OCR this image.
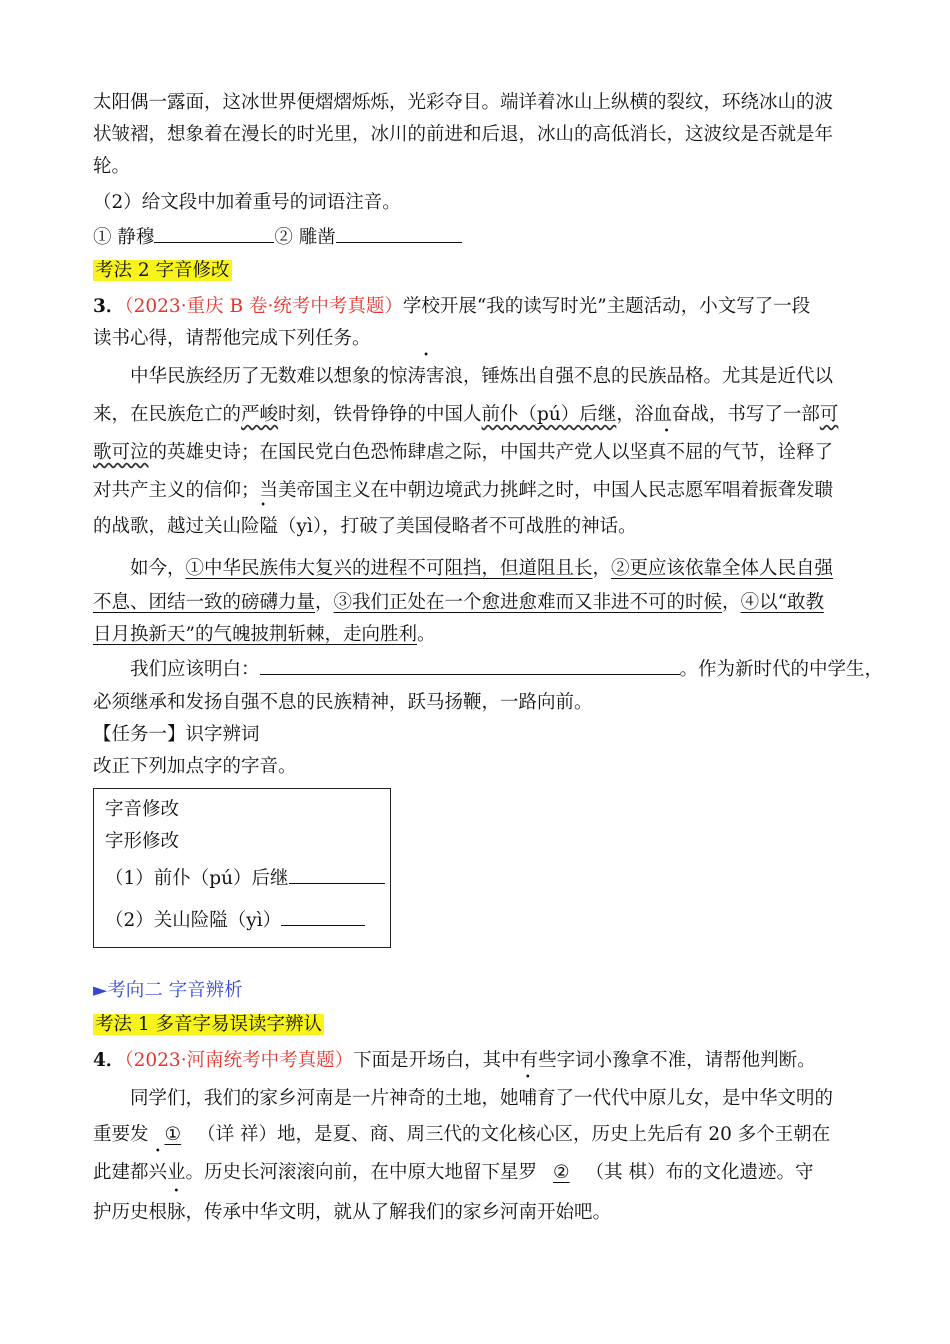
太阳偶一露面，这冰世界便熠熠烁烁，光彩夺目。端详着冰山上纵横的裂纹，环绕冰山的波
状皱褶，想象着在漫长的时光里，冰川的前进和后退，冰山的高低消长，这波纹是否就是年
轮。
（2）给文段中加着重号的词语注音。
① 静穆	② 雕凿
考法 2 字音修改
3．（2023·重庆 B 卷·统考中考真题）学校开展“我的读写时光”主题活动，小文写了一段
读书心得，请帮他完成下列任务。
中华民族经历了无数难以想象的惊涛害浪，锤炼出自强不息的民族品格。尤其是近代以
来，在民族危亡的严峻时刻，铁骨铮铮的中国人前仆（pú）后继，浴血奋战，书写了一部可
歌可泣的英雄史诗；在国民党白色恐怖肆虐之际，中国共产党人以坚真不屈的气节，诠释了
对共产主义的信仰；当美帝国主义在中朝边境武力挑衅之时，中国人民志愿军唱着振聋发聩
的战歌，越过• 关山险隘（yì），打破了美国侵略者不可战胜的神话。
如今，①中华民族伟大复兴的进程不可阻挡，但道阻且长，②更应该依靠全体人民自强
不息、团结一致的磅礴力量，③我们正处在一个愈进愈难而又非进不可的时候，④以“敢教
日月换新天”的气魄披荆斩棘，走向胜利。
我们应该明白：	。作为新时代的中学生，
必须继承和发扬自强不息的民族精神，跃马扬鞭，一路向前。
【任务一】识字辨词
改正下列加点字的字音。
字音修改
字形修改
（1）前仆（pú）后继
（2）关山险隘（yì）
►考向二 字音辨析
考法 1 多音字易误读字辨认
4．（2023·河南统考中考真题）下面是开场白，其中有些字词小豫拿不准，请帮他判断。
同学们，我们的家乡河南是一片神奇的土地，她哺育了一代代中原儿女，是中华文明的
重要发 ① （详 祥）地，是夏、商、周三代的文化核心区，历史上先后有 20 多个王朝在
此建都兴业。历史长河滚滚向前，在中原大地留下星罗 ② （其 棋）布的文化遗迹。守
护历史根脉，传承中华文明，就从了解我们的家乡河南开始吧。
